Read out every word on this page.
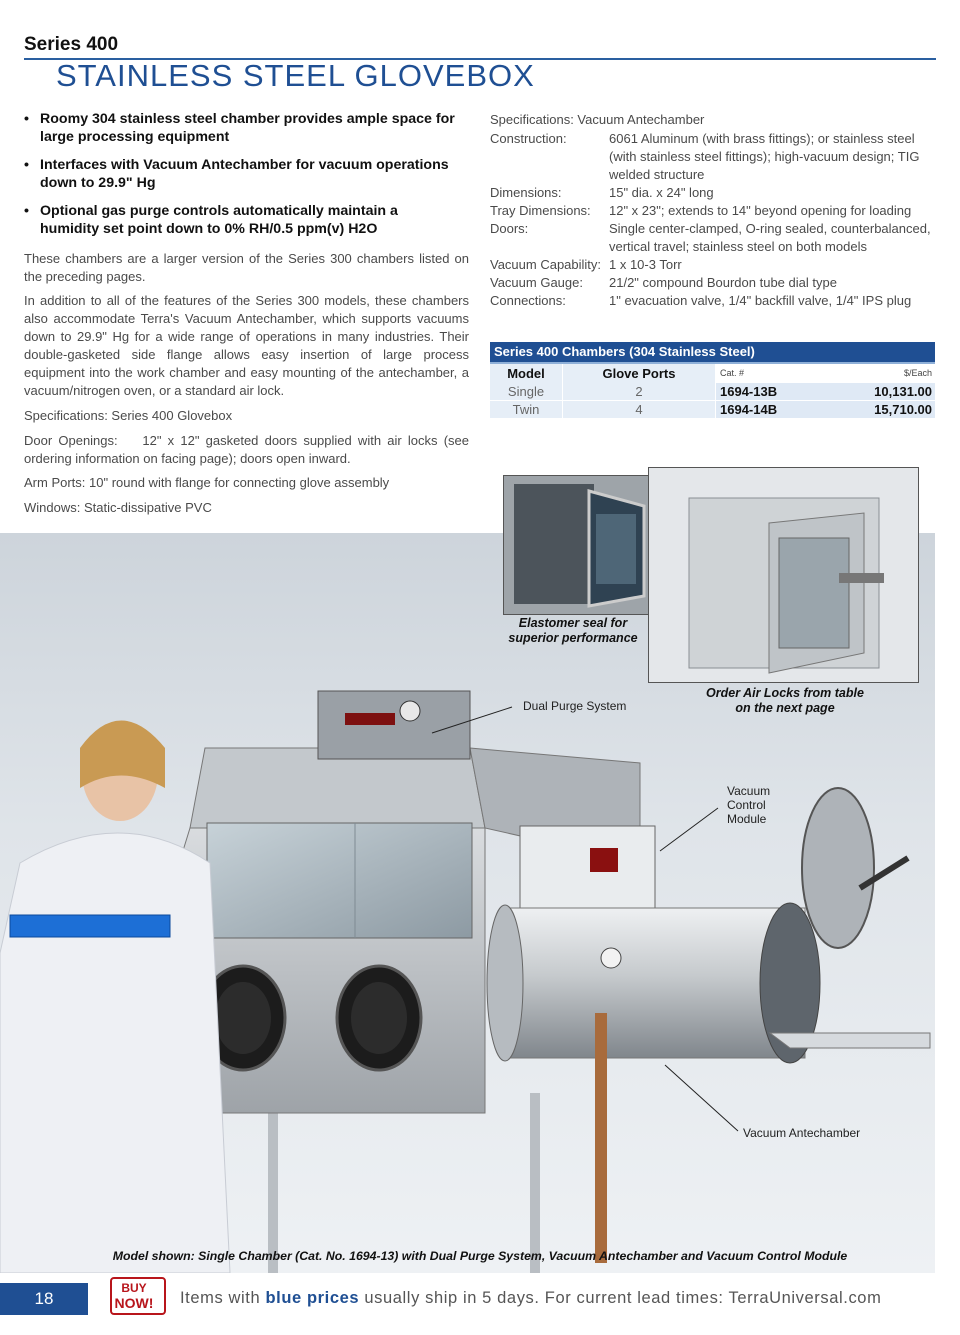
Series 400
STAINLESS STEEL GLOVEBOX
• Roomy 304 stainless steel chamber provides ample space for large processing equipment
• Interfaces with Vacuum Antechamber for vacuum operations down to 29.9" Hg
• Optional gas purge controls automatically maintain a humidity set point down to 0% RH/0.5 ppm(v) H2O
These chambers are a larger version of the Series 300 chambers listed on the preceding pages.
In addition to all of the features of the Series 300 models, these chambers also accommodate Terra's Vacuum Antechamber, which supports vacuums down to 29.9" Hg for a wide range of operations in many industries. Their double-gasketed side flange allows easy insertion of large process equipment into the work chamber and easy mounting of the antechamber, a vacuum/nitrogen oven, or a standard air lock.
Specifications: Series 400 Glovebox
Door Openings:    12" x 12" gasketed doors supplied with air locks (see ordering information on facing page); doors open inward.
Arm Ports: 10" round with flange for connecting glove assembly
Windows: Static-dissipative PVC
Specifications: Vacuum Antechamber
Construction:	6061 Aluminum (with brass fittings); or stainless steel (with stainless steel fittings); high-vacuum design; TIG welded structure
Dimensions:	15" dia. x 24" long
Tray Dimensions:	12" x 23"; extends to 14" beyond opening for loading
Doors:	Single center-clamped, O-ring sealed, counterbalanced, vertical travel; stainless steel on both models
Vacuum Capability: 1 x 10-3 Torr
Vacuum Gauge:	21/2" compound Bourdon tube dial type
Connections:	1" evacuation valve, 1/4" backfill valve, 1/4" IPS plug
Series 400 Chambers (304 Stainless Steel)
Model	Glove Ports	Cat. #	$/Each
Single	2	1694-13B	10,131.00
Twin	4	1694-14B	15,710.00
Elastomer seal for superior performance
Order Air Locks from table on the next page
Dual Purge System
Vacuum Control Module
Vacuum Antechamber
Model shown: Single Chamber (Cat. No. 1694-13) with Dual Purge System, Vacuum Antechamber and Vacuum Control Module
18
BUY
NOW! Items with blue prices usually ship in 5 days. For current lead times: TerraUniversal.com
